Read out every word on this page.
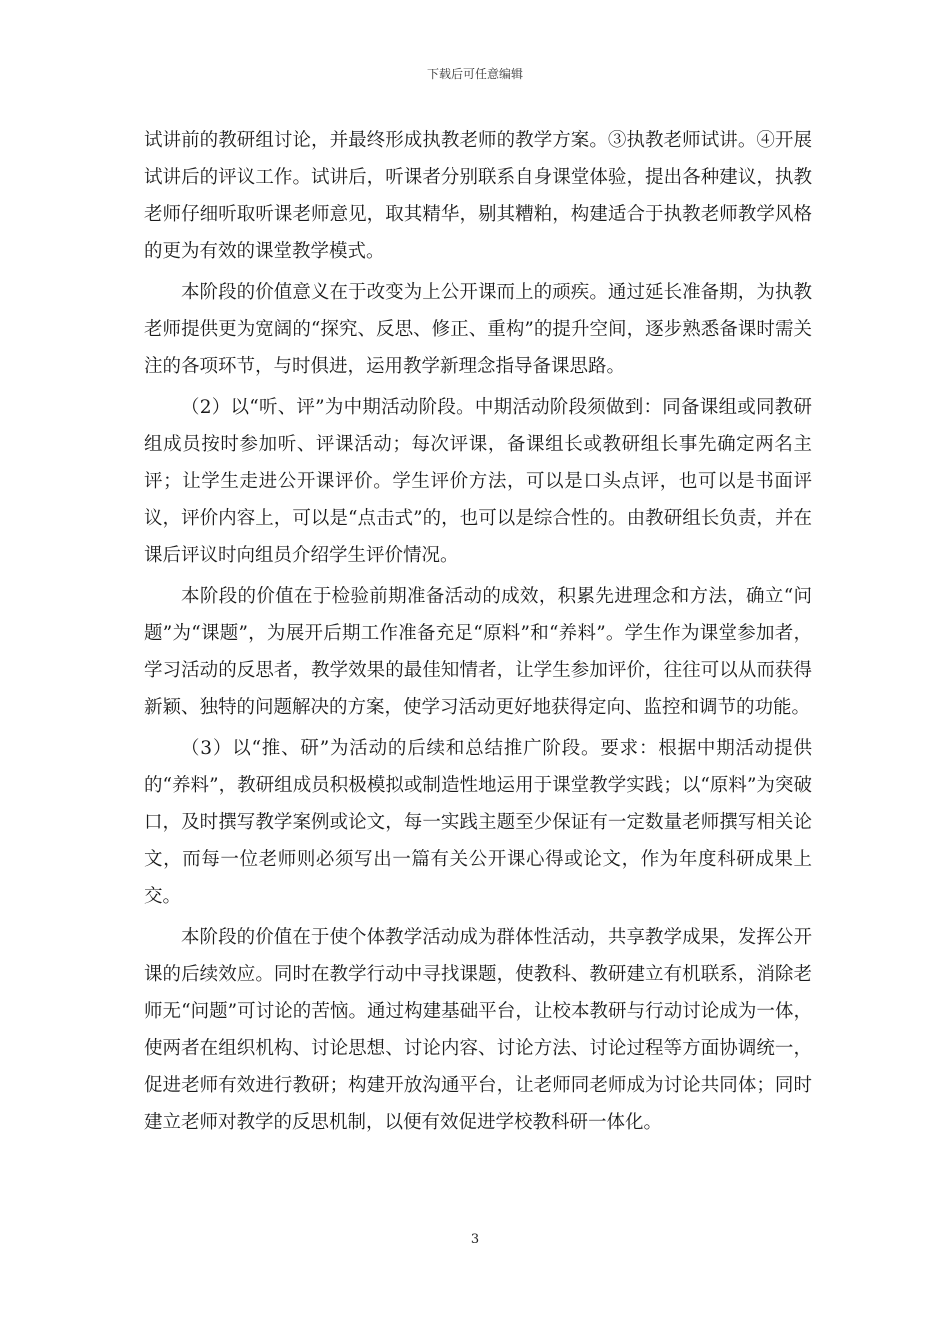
下载后可任意编辑

试讲前的教研组讨论，并最终形成执教老师的教学方案。③执教老师试讲。④开展试讲后的评议工作。试讲后，听课者分别联系自身课堂体验，提出各种建议，执教老师仔细听取听课老师意见，取其精华，剔其糟粕，构建适合于执教老师教学风格的更为有效的课堂教学模式。

本阶段的价值意义在于改变为上公开课而上的顽疾。通过延长准备期，为执教老师提供更为宽阔的“探究、反思、修正、重构”的提升空间，逐步熟悉备课时需关注的各项环节，与时俱进，运用教学新理念指导备课思路。

（2）以“听、评”为中期活动阶段。中期活动阶段须做到：同备课组或同教研组成员按时参加听、评课活动；每次评课，备课组长或教研组长事先确定两名主评；让学生走进公开课评价。学生评价方法，可以是口头点评，也可以是书面评议，评价内容上，可以是“点击式”的，也可以是综合性的。由教研组长负责，并在课后评议时向组员介绍学生评价情况。

本阶段的价值在于检验前期准备活动的成效，积累先进理念和方法，确立“问题”为“课题”，为展开后期工作准备充足“原料”和“养料”。学生作为课堂参加者，学习活动的反思者，教学效果的最佳知情者，让学生参加评价，往往可以从而获得新颖、独特的问题解决的方案，使学习活动更好地获得定向、监控和调节的功能。

（3）以“推、研”为活动的后续和总结推广阶段。要求：根据中期活动提供的“养料”，教研组成员积极模拟或制造性地运用于课堂教学实践；以“原料”为突破口，及时撰写教学案例或论文，每一实践主题至少保证有一定数量老师撰写相关论文，而每一位老师则必须写出一篇有关公开课心得或论文，作为年度科研成果上交。

本阶段的价值在于使个体教学活动成为群体性活动，共享教学成果，发挥公开课的后续效应。同时在教学行动中寻找课题，使教科、教研建立有机联系，消除老师无“问题”可讨论的苦恼。通过构建基础平台，让校本教研与行动讨论成为一体，使两者在组织机构、讨论思想、讨论内容、讨论方法、讨论过程等方面协调统一，促进老师有效进行教研；构建开放沟通平台，让老师同老师成为讨论共同体；同时建立老师对教学的反思机制，以便有效促进学校教科研一体化。

3
